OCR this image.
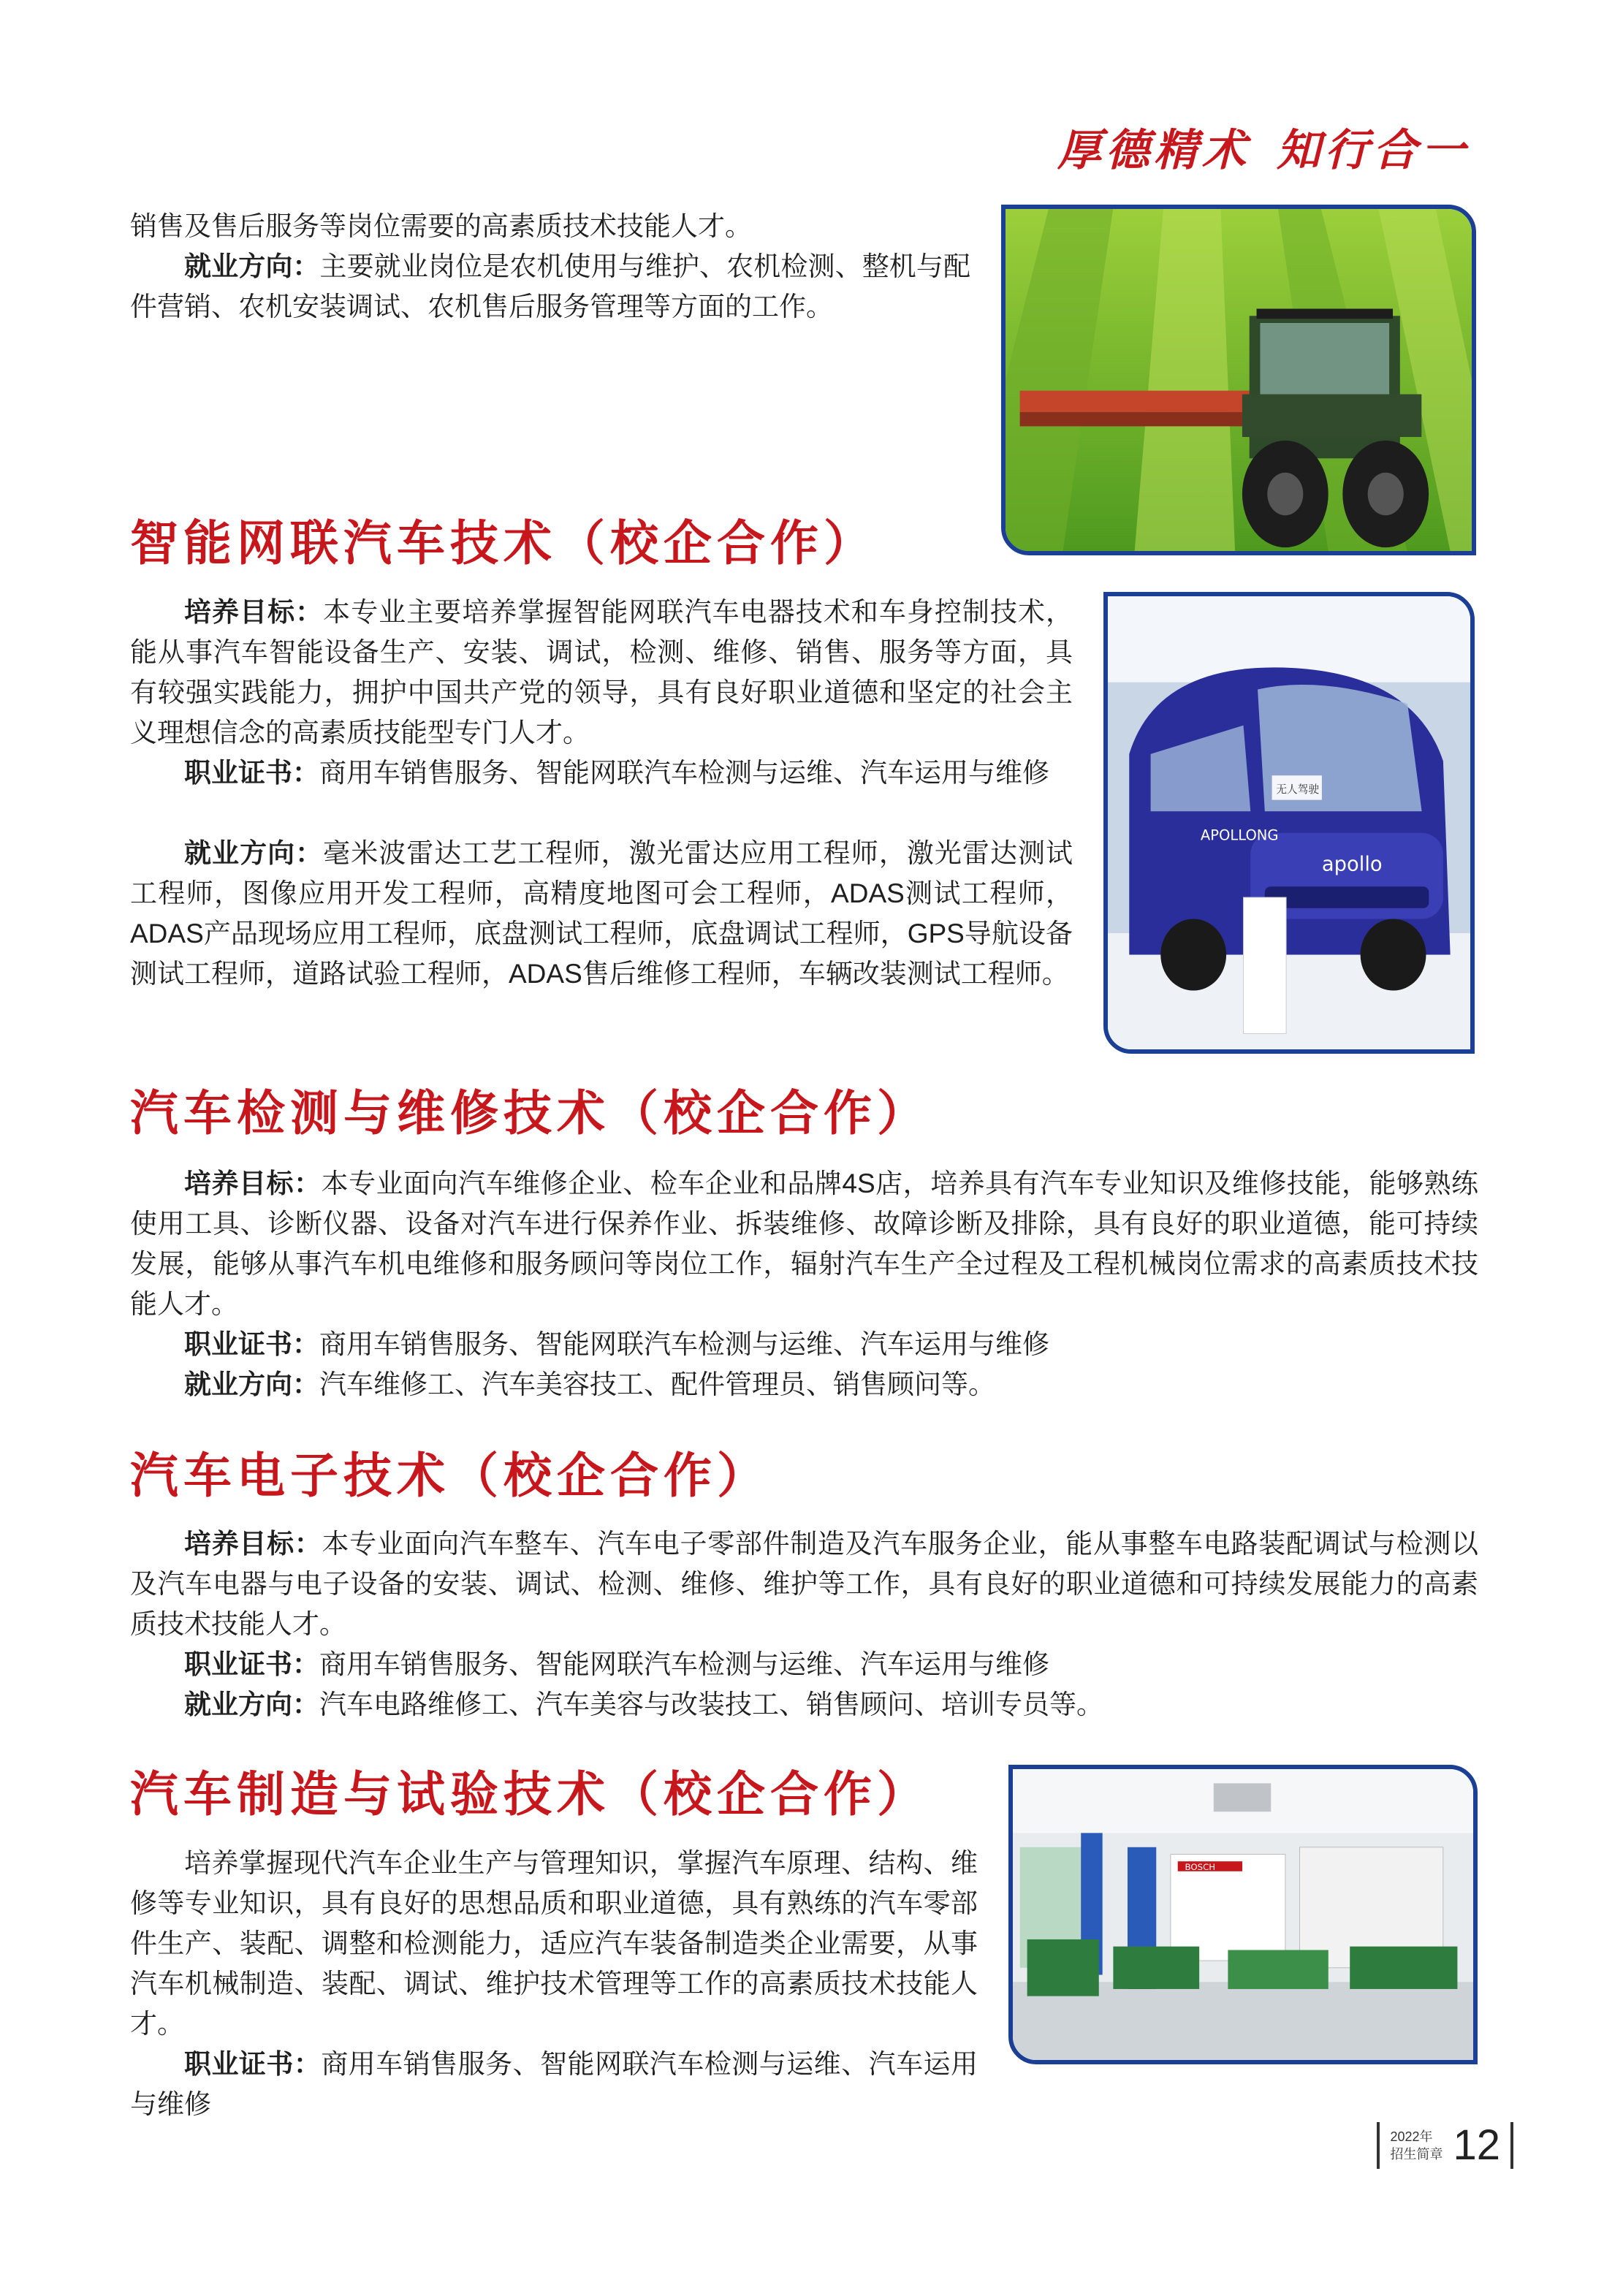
厚德精术 知行合一

销售及售后服务等岗位需要的高素质技术技能人才。

就业方向：主要就业岗位是农机使用与维护、农机检测、整机与配件营销、农机安装调试、农机售后服务管理等方面的工作。

智能网联汽车技术（校企合作）

培养目标：本专业主要培养掌握智能网联汽车电器技术和车身控制技术，能从事汽车智能设备生产、安装、调试，检测、维修、销售、服务等方面，具有较强实践能力，拥护中国共产党的领导，具有良好职业道德和坚定的社会主义理想信念的高素质技能型专门人才。

职业证书：商用车销售服务、智能网联汽车检测与运维、汽车运用与维修

就业方向：毫米波雷达工艺工程师，激光雷达应用工程师，激光雷达测试工程师，图像应用开发工程师，高精度地图可会工程师，ADAS测试工程师，ADAS产品现场应用工程师，底盘测试工程师，底盘调试工程师，GPS导航设备测试工程师，道路试验工程师，ADAS售后维修工程师，车辆改装测试工程师。

apollo
无人驾驶
APOLLONG
汽车检测与维修技术（校企合作）

培养目标：本专业面向汽车维修企业、检车企业和品牌4S店，培养具有汽车专业知识及维修技能，能够熟练使用工具、诊断仪器、设备对汽车进行保养作业、拆装维修、故障诊断及排除，具有良好的职业道德，能可持续发展，能够从事汽车机电维修和服务顾问等岗位工作，辐射汽车生产全过程及工程机械岗位需求的高素质技术技能人才。

职业证书：商用车销售服务、智能网联汽车检测与运维、汽车运用与维修

就业方向：汽车维修工、汽车美容技工、配件管理员、销售顾问等。

汽车电子技术（校企合作）

培养目标：本专业面向汽车整车、汽车电子零部件制造及汽车服务企业，能从事整车电路装配调试与检测以及汽车电器与电子设备的安装、调试、检测、维修、维护等工作，具有良好的职业道德和可持续发展能力的高素质技术技能人才。

职业证书：商用车销售服务、智能网联汽车检测与运维、汽车运用与维修

就业方向：汽车电路维修工、汽车美容与改装技工、销售顾问、培训专员等。

汽车制造与试验技术（校企合作）

培养掌握现代汽车企业生产与管理知识，掌握汽车原理、结构、维修等专业知识，具有良好的思想品质和职业道德，具有熟练的汽车零部件生产、装配、调整和检测能力，适应汽车装备制造类企业需要，从事汽车机械制造、装配、调试、维护技术管理等工作的高素质技术技能人才。

职业证书：商用车销售服务、智能网联汽车检测与运维、汽车运用与维修

BOSCH
2022年
招生简章 12
